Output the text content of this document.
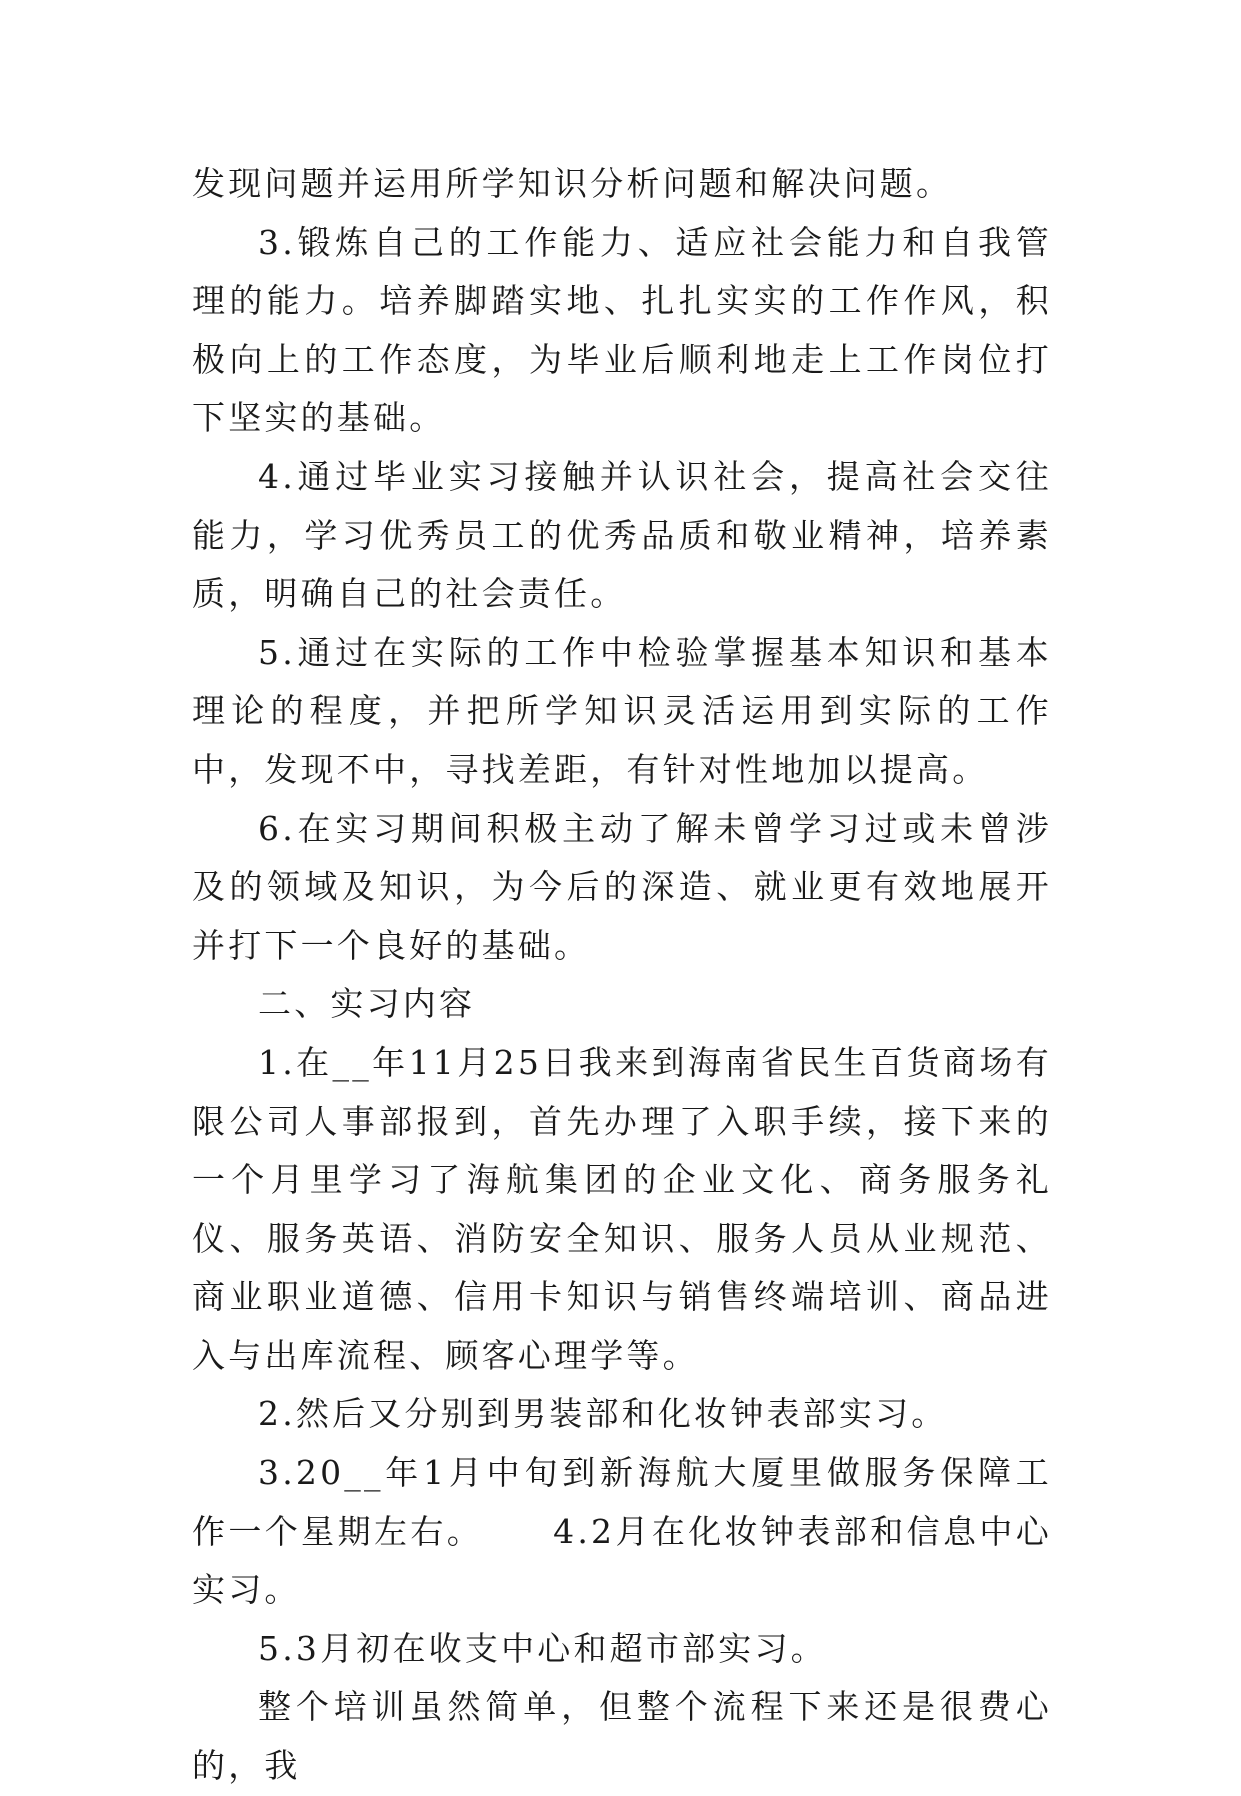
发现问题并运用所学知识分析问题和解决问题。

3.锻炼自己的工作能力、适应社会能力和自我管理的能力。培养脚踏实地、扎扎实实的工作作风，积极向上的工作态度，为毕业后顺利地走上工作岗位打下坚实的基础。

4.通过毕业实习接触并认识社会，提高社会交往能力，学习优秀员工的优秀品质和敬业精神，培养素质，明确自己的社会责任。

5.通过在实际的工作中检验掌握基本知识和基本理论的程度，并把所学知识灵活运用到实际的工作中，发现不中，寻找差距，有针对性地加以提高。

6.在实习期间积极主动了解未曾学习过或未曾涉及的领域及知识，为今后的深造、就业更有效地展开并打下一个良好的基础。

二、实习内容

1.在__年11月25日我来到海南省民生百货商场有限公司人事部报到，首先办理了入职手续，接下来的一个月里学习了海航集团的企业文化、商务服务礼仪、服务英语、消防安全知识、服务人员从业规范、商业职业道德、信用卡知识与销售终端培训、商品进入与出库流程、顾客心理学等。

2.然后又分别到男装部和化妆钟表部实习。

3.20__年1月中旬到新海航大厦里做服务保障工作一个星期左右。 4.2月在化妆钟表部和信息中心实习。

5.3月初在收支中心和超市部实习。

整个培训虽然简单，但整个流程下来还是很费心的，我
